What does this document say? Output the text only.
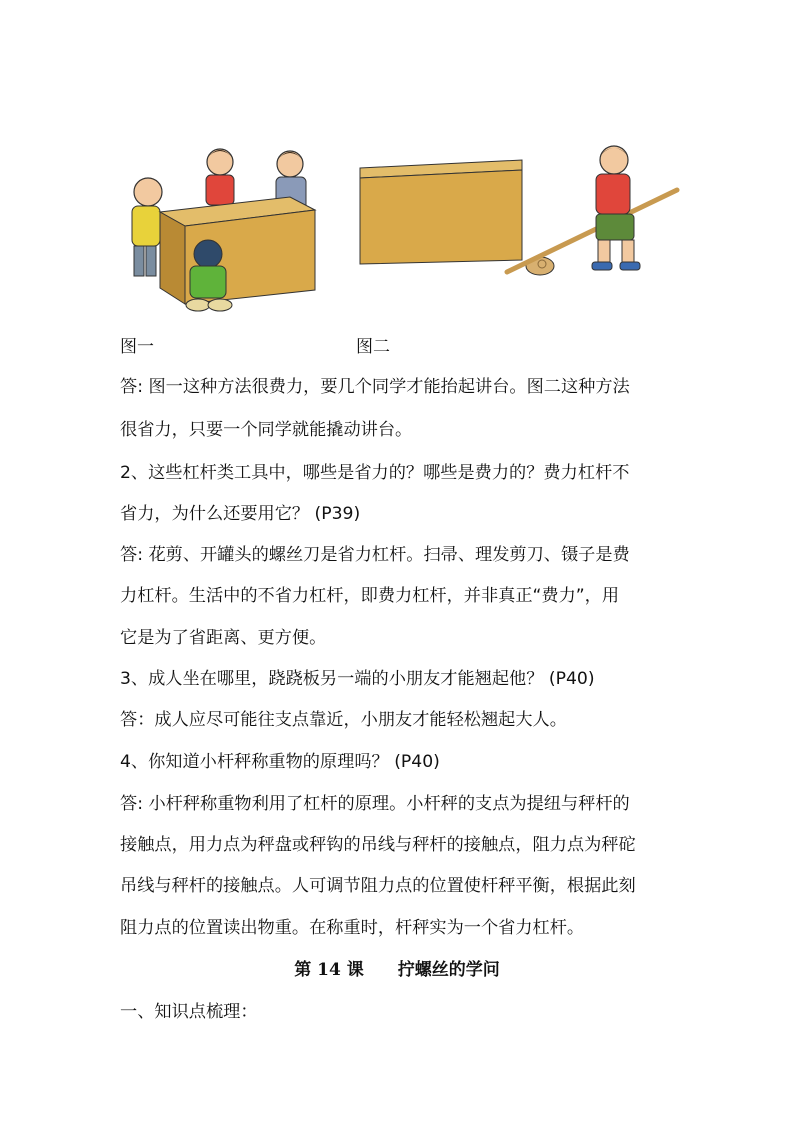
图一	图二
答: 图一这种方法很费力，要几个同学才能抬起讲台。图二这种方法
很省力，只要一个同学就能撬动讲台。
2、这些杠杆类工具中，哪些是省力的？哪些是费力的？费力杠杆不
省力，为什么还要用它？ (P39)
答: 花剪、开罐头的螺丝刀是省力杠杆。扫帚、理发剪刀、镊子是费
力杠杆。生活中的不省力杠杆，即费力杠杆，并非真正“费力”，用
它是为了省距离、更方便。
3、成人坐在哪里，跷跷板另一端的小朋友才能翘起他？ (P40)
答：成人应尽可能往支点靠近，小朋友才能轻松翘起大人。
4、你知道小杆秤称重物的原理吗？ (P40)
答: 小杆秤称重物利用了杠杆的原理。小杆秤的支点为提纽与秤杆的
接触点，用力点为秤盘或秤钩的吊线与秤杆的接触点，阻力点为秤砣
吊线与秤杆的接触点。人可调节阻力点的位置使杆秤平衡，根据此刻
阻力点的位置读出物重。在称重时，杆秤实为一个省力杠杆。
第 14 课 拧螺丝的学问
一、知识点梳理：
